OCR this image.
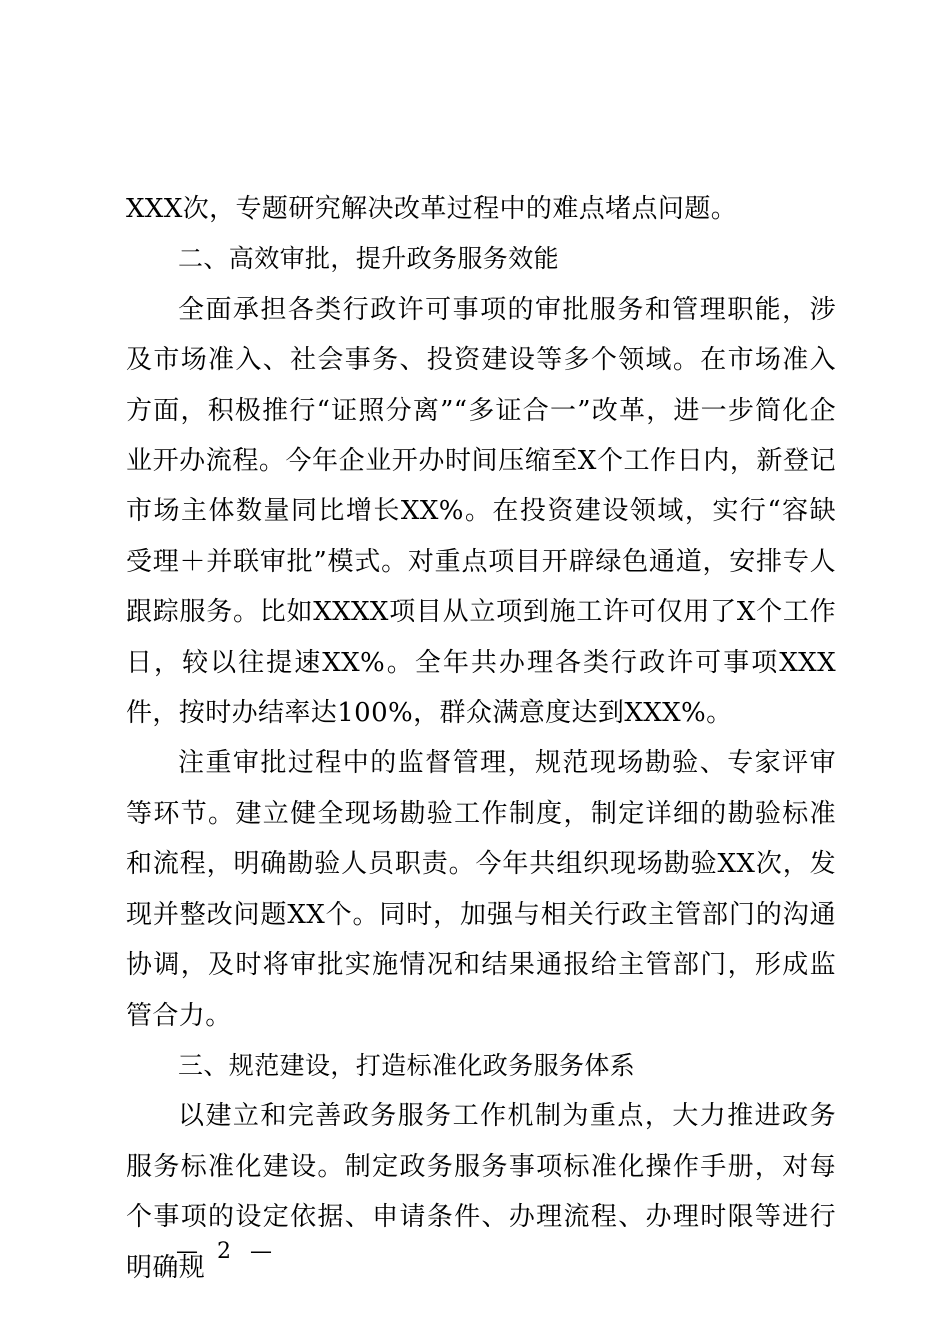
XXX次，专题研究解决改革过程中的难点堵点问题。

二、高效审批，提升政务服务效能

全面承担各类行政许可事项的审批服务和管理职能，涉及市场准入、社会事务、投资建设等多个领域。在市场准入方面，积极推行“证照分离”“多证合一”改革，进一步简化企业开办流程。今年企业开办时间压缩至X个工作日内，新登记市场主体数量同比增长XX%。在投资建设领域，实行“容缺受理＋并联审批”模式。对重点项目开辟绿色通道，安排专人跟踪服务。比如XXXX项目从立项到施工许可仅用了X个工作日，较以往提速XX%。全年共办理各类行政许可事项XXX件，按时办结率达100%，群众满意度达到XXX%。

注重审批过程中的监督管理，规范现场勘验、专家评审等环节。建立健全现场勘验工作制度，制定详细的勘验标准和流程，明确勘验人员职责。今年共组织现场勘验XX次，发现并整改问题XX个。同时，加强与相关行政主管部门的沟通协调，及时将审批实施情况和结果通报给主管部门，形成监管合力。

三、规范建设，打造标准化政务服务体系

以建立和完善政务服务工作机制为重点，大力推进政务服务标准化建设。制定政务服务事项标准化操作手册，对每个事项的设定依据、申请条件、办理流程、办理时限等进行明确规

— 2 —
